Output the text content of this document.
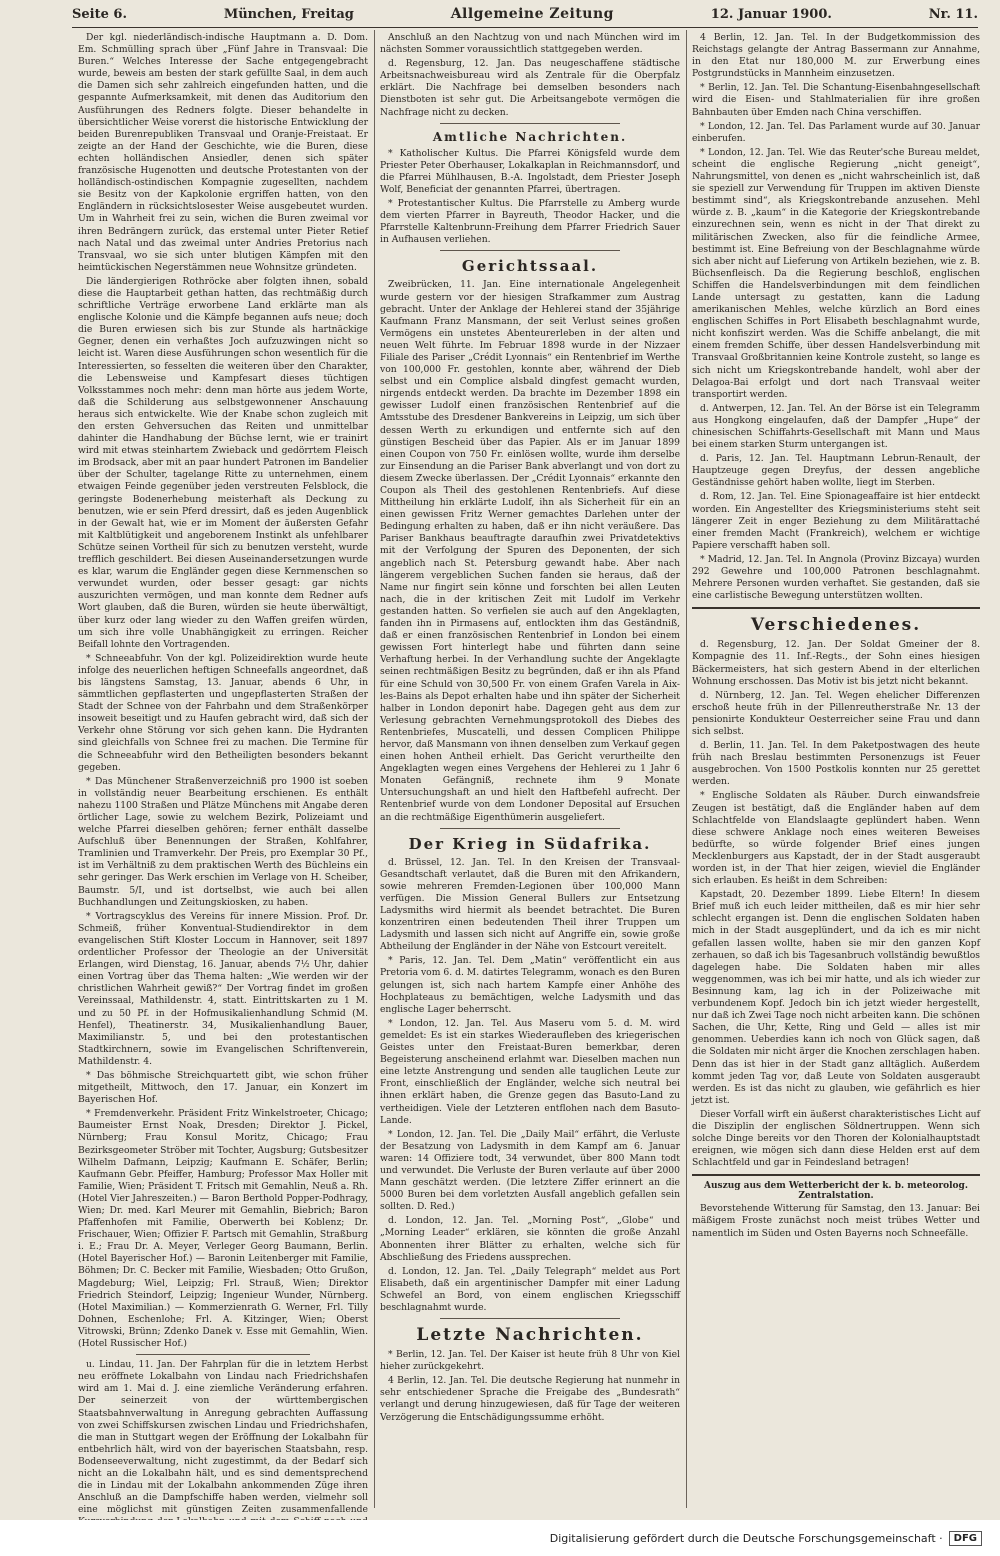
Seite 6.	München, Freitag	Allgemeine Zeitung	12. Januar 1900.	Nr. 11.

Der kgl. niederländisch-indische Hauptmann a. D. Dom. Em. Schmülling sprach über „Fünf Jahre in Transvaal: Die Buren.“ Welches Interesse der Sache entgegengebracht wurde, beweis am besten der stark gefüllte Saal, in dem auch die Damen sich sehr zahlreich eingefunden hatten, und die gespannte Aufmerksamkeit, mit denen das Auditorium den Ausführungen des Redners folgte. Dieser behandelte in übersichtlicher Weise vorerst die historische Entwicklung der beiden Burenrepubliken Transvaal und Oranje-Freistaat. Er zeigte an der Hand der Geschichte, wie die Buren, diese echten holländischen Ansiedler, denen sich später französische Hugenotten und deutsche Protestanten von der holländisch-ostindischen Kompagnie zugesellten, nachdem sie Besitz von der Kapkolonie ergriffen hatten, von den Engländern in rücksichtslosester Weise ausgebeutet wurden. Um in Wahrheit frei zu sein, wichen die Buren zweimal vor ihren Bedrängern zurück, das erstemal unter Pieter Retief nach Natal und das zweimal unter Andries Pretorius nach Transvaal, wo sie sich unter blutigen Kämpfen mit den heimtückischen Negerstämmen neue Wohnsitze gründeten.

Die ländergierigen Rothröcke aber folgten ihnen, sobald diese die Hauptarbeit gethan hatten, das rechtmäßig durch schriftliche Verträge erworbene Land erklärte man als englische Kolonie und die Kämpfe begannen aufs neue; doch die Buren erwiesen sich bis zur Stunde als hartnäckige Gegner, denen ein verhaßtes Joch aufzuzwingen nicht so leicht ist. Waren diese Ausführungen schon wesentlich für die Interessierten, so fesselten die weiteren über den Charakter, die Lebensweise und Kampfesart dieses tüchtigen Volksstammes noch mehr: denn man hörte aus jedem Worte, daß die Schilderung aus selbstgewonnener Anschauung heraus sich entwickelte. Wie der Knabe schon zugleich mit den ersten Gehversuchen das Reiten und unmittelbar dahinter die Handhabung der Büchse lernt, wie er trainirt wird mit etwas steinhartem Zwieback und gedörrtem Fleisch im Brodsack, aber mit an paar hundert Patronen im Bandelier über der Schulter, tagelange Ritte zu unternehmen, einem etwaigen Feinde gegenüber jeden verstreuten Felsblock, die geringste Bodenerhebung meisterhaft als Deckung zu benutzen, wie er sein Pferd dressirt, daß es jeden Augenblick in der Gewalt hat, wie er im Moment der äußersten Gefahr mit Kaltblütigkeit und angeborenem Instinkt als unfehlbarer Schütze seinen Vortheil für sich zu benutzen versteht, wurde trefflich geschildert. Bei diesen Auseinandersetzungen wurde es klar, warum die Engländer gegen diese Kernmenschen so verwundet wurden, oder besser gesagt: gar nichts auszurichten vermögen, und man konnte dem Redner aufs Wort glauben, daß die Buren, würden sie heute überwältigt, über kurz oder lang wieder zu den Waffen greifen würden, um sich ihre volle Unabhängigkeit zu erringen. Reicher Beifall lohnte den Vortragenden.

* Schneeabfuhr. Von der kgl. Polizeidirektion wurde heute infolge des neuerlichen heftigen Schneefalls angeordnet, daß bis längstens Samstag, 13. Januar, abends 6 Uhr, in sämmtlichen gepflasterten und ungepflasterten Straßen der Stadt der Schnee von der Fahrbahn und dem Straßenkörper insoweit beseitigt und zu Haufen gebracht wird, daß sich der Verkehr ohne Störung vor sich gehen kann. Die Hydranten sind gleichfalls von Schnee frei zu machen. Die Termine für die Schneeabfuhr wird den Betheiligten besonders bekannt gegeben.

* Das Münchener Straßenverzeichniß pro 1900 ist soeben in vollständig neuer Bearbeitung erschienen. Es enthält nahezu 1100 Straßen und Plätze Münchens mit Angabe deren örtlicher Lage, sowie zu welchem Bezirk, Polizeiamt und welche Pfarrei dieselben gehören; ferner enthält dasselbe Aufschluß über Benennungen der Straßen, Kohlfahrer, Tramlinien und Tramverkehr. Der Preis, pro Exemplar 30 Pf., ist im Verhältniß zu dem praktischen Werth des Büchleins ein sehr geringer. Das Werk erschien im Verlage von H. Scheiber, Baumstr. 5/I, und ist dortselbst, wie auch bei allen Buchhandlungen und Zeitungskiosken, zu haben.

* Vortragscyklus des Vereins für innere Mission. Prof. Dr. Schmeiß, früher Konventual-Studiendirektor in dem evangelischen Stift Kloster Loccum in Hannover, seit 1897 ordentlicher Professor der Theologie an der Universität Erlangen, wird Dienstag, 16. Januar, abends 7½ Uhr, dahier einen Vortrag über das Thema halten: „Wie werden wir der christlichen Wahrheit gewiß?“ Der Vortrag findet im großen Vereinssaal, Mathildenstr. 4, statt. Eintrittskarten zu 1 M. und zu 50 Pf. in der Hofmusikalienhandlung Schmid (M. Henfel), Theatinerstr. 34, Musikalienhandlung Bauer, Maximilianstr. 5, und bei den protestantischen Stadtkirchnern, sowie im Evangelischen Schriftenverein, Mathildenstr. 4.

* Das böhmische Streichquartett gibt, wie schon früher mitgetheilt, Mittwoch, den 17. Januar, ein Konzert im Bayerischen Hof.

* Fremdenverkehr. Präsident Fritz Winkelstroeter, Chicago; Baumeister Ernst Noak, Dresden; Direktor J. Pickel, Nürnberg; Frau Konsul Moritz, Chicago; Frau Bezirksgeometer Ströber mit Tochter, Augsburg; Gutsbesitzer Wilhelm Dafmann, Leipzig; Kaufmann E. Schäfer, Berlin; Kaufmann Gebr. Pfeiffer, Hamburg; Professor Max Holler mit Familie, Wien; Präsident T. Fritsch mit Gemahlin, Neuß a. Rh. (Hotel Vier Jahreszeiten.) — Baron Berthold Popper-Podhragy, Wien; Dr. med. Karl Meurer mit Gemahlin, Biebrich; Baron Pfaffenhofen mit Familie, Oberwerth bei Koblenz; Dr. Frischauer, Wien; Offizier F. Partsch mit Gemahlin, Straßburg i. E.; Frau Dr. A. Meyer, Verleger Georg Baumann, Berlin. (Hotel Bayerischer Hof.) — Baronin Leitenberger mit Familie, Böhmen; Dr. C. Becker mit Familie, Wiesbaden; Otto Grußon, Magdeburg; Wiel, Leipzig; Frl. Strauß, Wien; Direktor Friedrich Steindorf, Leipzig; Ingenieur Wunder, Nürnberg. (Hotel Maximilian.) — Kommerzienrath G. Werner, Frl. Tilly Dohnen, Eschenlohe; Frl. A. Kitzinger, Wien; Oberst Vitrowski, Brünn; Zdenko Danek v. Esse mit Gemahlin, Wien. (Hotel Russischer Hof.)

u. Lindau, 11. Jan. Der Fahrplan für die in letztem Herbst neu eröffnete Lokalbahn von Lindau nach Friedrichshafen wird am 1. Mai d. J. eine ziemliche Veränderung erfahren. Der seinerzeit von der württembergischen Staatsbahnverwaltung in Anregung gebrachten Auffassung von zwei Schiffskursen zwischen Lindau und Friedrichshafen, die man in Stuttgart wegen der Eröffnung der Lokalbahn für entbehrlich hält, wird von der bayerischen Staatsbahn, resp. Bodenseeverwaltung, nicht zugestimmt, da der Bedarf sich nicht an die Lokalbahn hält, und es sind dementsprechend die in Lindau mit der Lokalbahn ankommenden Züge ihren Anschluß an die Dampfschiffe haben werden, vielmehr soll eine möglichst mit günstigen Zeiten zusammenfallende

Anschluß an den Nachtzug von und nach München wird im nächsten Sommer voraussichtlich stattgegeben werden.

d. Regensburg, 12. Jan. Das neugeschaffene städtische Arbeitsnachweisbureau wird als Zentrale für die Oberpfalz erklärt. Die Nachfrage bei demselben besonders nach Dienstboten ist sehr gut. Die Arbeitsangebote vermögen die Nachfrage nicht zu decken.

Amtliche Nachrichten.

* Katholischer Kultus. Die Pfarrei Königsfeld wurde dem Priester Peter Oberhauser, Lokalkaplan in Reichmannsdorf, und die Pfarrei Mühlhausen, B.-A. Ingolstadt, dem Priester Joseph Wolf, Beneficiat der genannten Pfarrei, übertragen.

* Protestantischer Kultus. Die Pfarrstelle zu Amberg wurde dem vierten Pfarrer in Bayreuth, Theodor Hacker, und die Pfarrstelle Kaltenbrunn-Freihung dem Pfarrer Friedrich Sauer in Aufhausen verliehen.

Gerichtssaal.

Zweibrücken, 11. Jan. Eine internationale Angelegenheit wurde gestern vor der hiesigen Strafkammer zum Austrag gebracht. Unter der Anklage der Hehlerei stand der 35jährige Kaufmann Franz Mansmann, der seit Verlust seines großen Vermögens ein unstetes Abenteurerleben in der alten und neuen Welt führte. Im Februar 1898 wurde in der Nizzaer Filiale des Pariser „Crédit Lyonnais“ ein Rentenbrief im Werthe von 100,000 Fr. gestohlen, konnte aber, während der Dieb selbst und ein Complice alsbald dingfest gemacht wurden, nirgends entdeckt werden. Da brachte im Dezember 1898 ein gewisser Ludolf einen französischen Rentenbrief auf die Amtsstube des Dresdener Bankvereins in Leipzig, um sich über dessen Werth zu erkundigen und entfernte sich auf den günstigen Bescheid über das Papier. Als er im Januar 1899 einen Coupon von 750 Fr. einlösen wollte, wurde ihm derselbe zur Einsendung an die Pariser Bank abverlangt und von dort zu diesem Zwecke überlassen. Der „Crédit Lyonnais“ erkannte den Coupon als Theil des gestohlenen Rentenbriefs. Auf diese Mittheilung hin erklärte Ludolf, ihn als Sicherheit für ein an einen gewissen Fritz Werner gemachtes Darlehen unter der Bedingung erhalten zu haben, daß er ihn nicht veräußere. Das Pariser Bankhaus beauftragte daraufhin zwei Privatdetektivs mit der Verfolgung der Spuren des Deponenten, der sich angeblich nach St. Petersburg gewandt habe. Aber nach längerem vergeblichen Suchen fanden sie heraus, daß der Name nur fingirt sein könne und forschten bei allen Leuten nach, die in der kritischen Zeit mit Ludolf im Verkehr gestanden hatten. So verfielen sie auch auf den Angeklagten, fanden ihn in Pirmasens auf, entlockten ihm das Geständniß, daß er einen französischen Rentenbrief in London bei einem gewissen Fort hinterlegt habe und führten dann seine Verhaftung herbei. In der Verhandlung suchte der Angeklagte seinen rechtmäßigen Besitz zu begründen, daß er ihn als Pfand für eine Schuld von 30,500 Fr. von einem Grafen Varela in Aix-les-Bains als Depot erhalten habe und ihn später der Sicherheit halber in London deponirt habe. Dagegen geht aus dem zur Verlesung gebrachten Vernehmungsprotokoll des Diebes des Rentenbriefes, Muscatelli, und dessen Complicen Philippe hervor, daß Mansmann von ihnen denselben zum Verkauf gegen einen hohen Antheil erhielt. Das Gericht verurtheilte den Angeklagten wegen eines Vergehens der Hehlerei zu 1 Jahr 6 Monaten Gefängniß, rechnete ihm 9 Monate Untersuchungshaft an und hielt den Haftbefehl aufrecht. Der Rentenbrief wurde von dem Londoner Deposital auf Ersuchen an die rechtmäßige Eigenthümerin ausgeliefert.

Der Krieg in Südafrika.

d. Brüssel, 12. Jan. Tel. In den Kreisen der Transvaal-Gesandtschaft verlautet, daß die Buren mit den Afrikandern, sowie mehreren Fremden-Legionen über 100,000 Mann verfügen. Die Mission General Bullers zur Entsetzung Ladysmiths wird hiermit als beendet betrachtet. Die Buren konzentriren einen bedeutenden Theil ihrer Truppen um Ladysmith und lassen sich nicht auf Angriffe ein, sowie große Abtheilung der Engländer in der Nähe von Estcourt vereitelt.

* Paris, 12. Jan. Tel. Dem „Matin“ veröffentlicht ein aus Pretoria vom 6. d. M. datirtes Telegramm, wonach es den Buren gelungen ist, sich nach hartem Kampfe einer Anhöhe des Hochplateaus zu bemächtigen, welche Ladysmith und das englische Lager beherrscht.

* London, 12. Jan. Tel. Aus Maseru vom 5. d. M. wird gemeldet: Es ist ein starkes Wiederaufleben des kriegerischen Geistes unter den Freistaat-Buren bemerkbar, deren Begeisterung anscheinend erlahmt war. Dieselben machen nun eine letzte Anstrengung und senden alle tauglichen Leute zur Front, einschließlich der Engländer, welche sich neutral bei ihnen erklärt haben, die Grenze gegen das Basuto-Land zu vertheidigen. Viele der Letzteren entflohen nach dem Basuto-Lande.

* London, 12. Jan. Tel. Die „Daily Mail“ erfährt, die Verluste der Besatzung von Ladysmith in dem Kampf am 6. Januar waren: 14 Offiziere todt, 34 verwundet, über 800 Mann todt und verwundet. Die Verluste der Buren verlaute auf über 2000 Mann geschätzt werden. (Die letztere Ziffer erinnert an die 5000 Buren bei dem vorletzten Ausfall angeblich gefallen sein sollten. D. Red.)

d. London, 12. Jan. Tel. „Morning Post“, „Globe“ und „Morning Leader“ erklären, sie könnten die große Anzahl Abonnenten ihrer Blätter zu erhalten, welche sich für Abschließung des Friedens aussprechen.

d. London, 12. Jan. Tel. „Daily Telegraph“ meldet aus Port Elisabeth, daß ein argentinischer Dampfer mit einer Ladung Schwefel an Bord, von einem englischen Kriegsschiff beschlagnahmt wurde.

Letzte Nachrichten.

* Berlin, 12. Jan. Tel. Der Kaiser ist heute früh 8 Uhr von Kiel hieher zurückgekehrt.

4 Berlin, 12. Jan. Tel. Die deutsche Regierung hat nunmehr in sehr entschiedener Sprache die Freigabe des „Bundesrath“ verlangt und derung hinzugewiesen, daß für Tage der weiteren Verzögerung die Entschädigungssumme erhöht.

4 Berlin, 12. Jan. Tel. In der Budgetkommission des Reichstags gelangte der Antrag Bassermann zur Annahme, in den Etat nur 180,000 M. zur Erwerbung eines Postgrundstücks in Mannheim einzusetzen.

* Berlin, 12. Jan. Tel. Die Schantung-Eisenbahngesellschaft wird die Eisen- und Stahlmaterialien für ihre großen Bahnbauten über Emden nach China verschiffen.

* London, 12. Jan. Tel. Das Parlament wurde auf 30. Januar einberufen.

* London, 12. Jan. Tel. Wie das Reuter'sche Bureau meldet, scheint die englische Regierung „nicht geneigt“, Nahrungsmittel, von denen es „nicht wahrscheinlich ist, daß sie speziell zur Verwendung für Truppen im aktiven Dienste bestimmt sind“, als Kriegskontrebande anzusehen. Mehl würde z. B. „kaum“ in die Kategorie der Kriegskontrebande einzurechnen sein, wenn es nicht in der That direkt zu militärischen Zwecken, also für die feindliche Armee, bestimmt ist. Eine Befreiung von der Beschlagnahme würde sich aber nicht auf Lieferung von Artikeln beziehen, wie z. B. Büchsenfleisch. Da die Regierung beschloß, englischen Schiffen die Handelsverbindungen mit dem feindlichen Lande untersagt zu gestatten, kann die Ladung amerikanischen Mehles, welche kürzlich an Bord eines englischen Schiffes in Port Elisabeth beschlagnahmt wurde, nicht konfiszirt werden. Was die Schiffe anbelangt, die mit einem fremden Schiffe, über dessen Handelsverbindung mit Transvaal Großbritannien keine Kontrole zusteht, so lange es sich nicht um Kriegskontrebande handelt, wohl aber der Delagoa-Bai erfolgt und dort nach Transvaal weiter transportirt werden.

d. Antwerpen, 12. Jan. Tel. An der Börse ist ein Telegramm aus Hongkong eingelaufen, daß der Dampfer „Hupe“ der chinesischen Schiffahrts-Gesellschaft mit Mann und Maus bei einem starken Sturm untergangen ist.

d. Paris, 12. Jan. Tel. Hauptmann Lebrun-Renault, der Hauptzeuge gegen Dreyfus, der dessen angebliche Geständnisse gehört haben wollte, liegt im Sterben.

d. Rom, 12. Jan. Tel. Eine Spionageaffaire ist hier entdeckt worden. Ein Angestellter des Kriegsministeriums steht seit längerer Zeit in enger Beziehung zu dem Militärattaché einer fremden Macht (Frankreich), welchem er wichtige Papiere verschafft haben soll.

* Madrid, 12. Jan. Tel. In Angnola (Provinz Bizcaya) wurden 292 Gewehre und 100,000 Patronen beschlagnahmt. Mehrere Personen wurden verhaftet. Sie gestanden, daß sie eine carlistische Bewegung unterstützen wollten.

Verschiedenes.

d. Regensburg, 12. Jan. Der Soldat Gmeiner der 8. Kompagnie des 11. Inf.-Regts., der Sohn eines hiesigen Bäckermeisters, hat sich gestern Abend in der elterlichen Wohnung erschossen. Das Motiv ist bis jetzt nicht bekannt.

d. Nürnberg, 12. Jan. Tel. Wegen ehelicher Differenzen erschoß heute früh in der Pillenreutherstraße Nr. 13 der pensionirte Kondukteur Oesterreicher seine Frau und dann sich selbst.

d. Berlin, 11. Jan. Tel. In dem Paketpostwagen des heute früh nach Breslau bestimmten Personenzugs ist Feuer ausgebrochen. Von 1500 Postkolis konnten nur 25 gerettet werden.

* Englische Soldaten als Räuber. Durch einwandsfreie Zeugen ist bestätigt, daß die Engländer haben auf dem Schlachtfelde von Elandslaagte geplündert haben. Wenn diese schwere Anklage noch eines weiteren Beweises bedürfte, so würde folgender Brief eines jungen Mecklenburgers aus Kapstadt, der in der Stadt ausgeraubt worden ist, in der That hier zeigen, wieviel die Engländer sich erlauben. Es heißt in dem Schreiben:

Kapstadt, 20. Dezember 1899. Liebe Eltern! In diesem Brief muß ich euch leider mittheilen, daß es mir hier sehr schlecht ergangen ist. Denn die englischen Soldaten haben mich in der Stadt ausgeplündert, und da ich es mir nicht gefallen lassen wollte, haben sie mir den ganzen Kopf zerhauen, so daß ich bis Tagesanbruch vollständig bewußtlos dagelegen habe. Die Soldaten haben mir alles weggenommen, was ich bei mir hatte, und als ich wieder zur Besinnung kam, lag ich in der Polizeiwache mit verbundenem Kopf. Jedoch bin ich jetzt wieder hergestellt, nur daß ich Zwei Tage noch nicht arbeiten kann. Die schönen Sachen, die Uhr, Kette, Ring und Geld — alles ist mir genommen. Ueberdies kann ich noch von Glück sagen, daß die Soldaten mir nicht ärger die Knochen zerschlagen haben. Denn das ist hier in der Stadt ganz alltäglich. Außerdem kommt jeden Tag vor, daß Leute von Soldaten ausgeraubt werden. Es ist das nicht zu glauben, wie gefährlich es hier jetzt ist.

Dieser Vorfall wirft ein äußerst charakteristisches Licht auf die Disziplin der englischen Söldnertruppen. Wenn sich solche Dinge bereits vor den Thoren der Kolonialhauptstadt ereignen, wie mögen sich dann diese Helden erst auf dem Schlachtfeld und gar in Feindesland betragen!

Auszug aus dem Wetterbericht der k. b. meteorolog. Zentralstation.

Bevorstehende Witterung für Samstag, den 13. Januar: Bei mäßigem Froste zunächst noch meist trübes Wetter und namentlich im Süden und Osten Bayerns noch Schneefälle.

Digitalisierung gefördert durch die Deutsche Forschungsgemeinschaft ·	DFG
